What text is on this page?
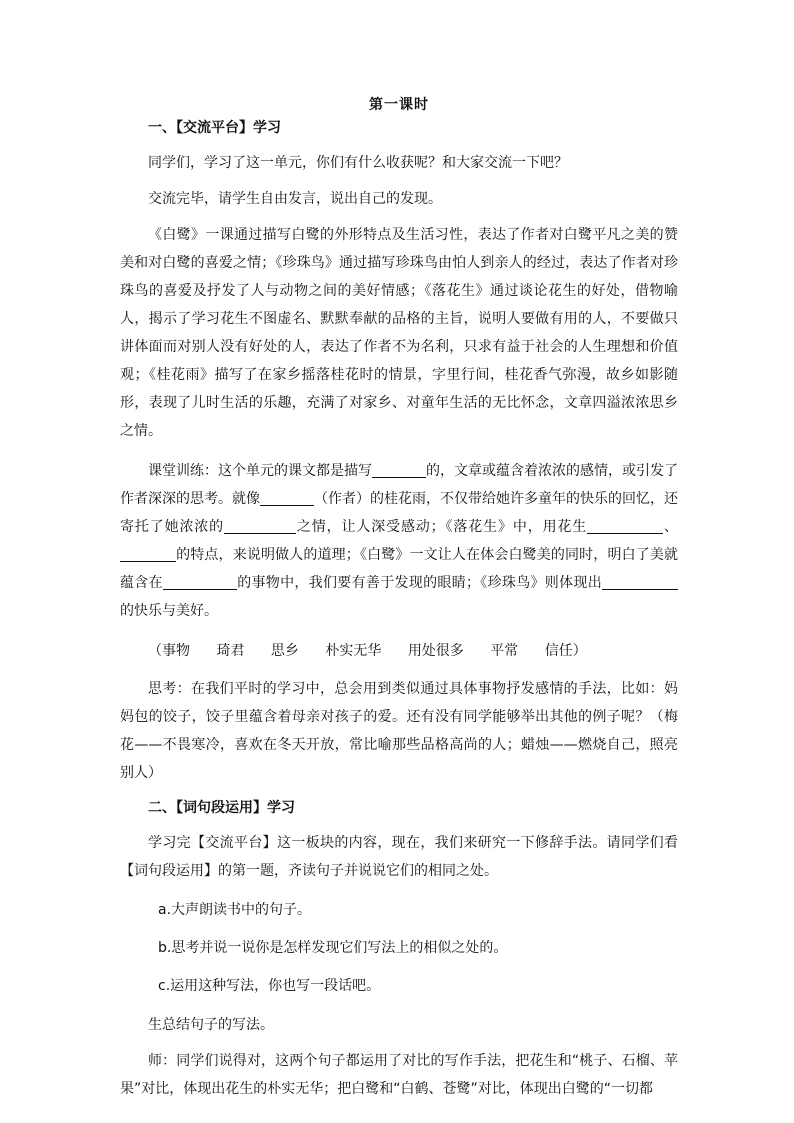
第一课时
一、【交流平台】学习

同学们，学习了这一单元，你们有什么收获呢？和大家交流一下吧？

交流完毕，请学生自由发言，说出自己的发现。

《白鹭》一课通过描写白鹭的外形特点及生活习性，表达了作者对白鹭平凡之美的赞美和对白鹭的喜爱之情；《珍珠鸟》通过描写珍珠鸟由怕人到亲人的经过，表达了作者对珍珠鸟的喜爱及抒发了人与动物之间的美好情感；《落花生》通过谈论花生的好处，借物喻人，揭示了学习花生不图虚名、默默奉献的品格的主旨，说明人要做有用的人，不要做只讲体面而对别人没有好处的人，表达了作者不为名利，只求有益于社会的人生理想和价值观；《桂花雨》描写了在家乡摇落桂花时的情景，字里行间，桂花香气弥漫，故乡如影随形，表现了儿时生活的乐趣，充满了对家乡、对童年生活的无比怀念，文章四溢浓浓思乡之情。

课堂训练：这个单元的课文都是描写	的，文章或蕴含着浓浓的感情，或引发了作者深深的思考。就像	（作者）的桂花雨，不仅带给她许多童年的快乐的回忆，还寄托了她浓浓的	之情，让人深受感动；《落花生》中，用花生	、的特点，来说明做人的道理；《白鹭》一文让人在体会白鹭美的同时，明白了美就蕴含在	的事物中，我们要有善于发现的眼睛；《珍珠鸟》则体现出的快乐与美好。

（事物 琦君 思乡 朴实无华 用处很多 平常 信任）

思考：在我们平时的学习中，总会用到类似通过具体事物抒发感情的手法，比如：妈妈包的饺子，饺子里蕴含着母亲对孩子的爱。还有没有同学能够举出其他的例子呢？（梅花——不畏寒冷，喜欢在冬天开放，常比喻那些品格高尚的人；蜡烛——燃烧自己，照亮别人）

二、【词句段运用】学习

学习完【交流平台】这一板块的内容，现在，我们来研究一下修辞手法。请同学们看【词句段运用】的第一题，齐读句子并说说它们的相同之处。

a.大声朗读书中的句子。
b.思考并说一说你是怎样发现它们写法上的相似之处的。
c.运用这种写法，你也写一段话吧。

生总结句子的写法。

师：同学们说得对，这两个句子都运用了对比的写作手法，把花生和“桃子、石榴、苹果”对比，体现出花生的朴实无华；把白鹭和“白鹤、苍鹭”对比，体现出白鹭的“一切都
